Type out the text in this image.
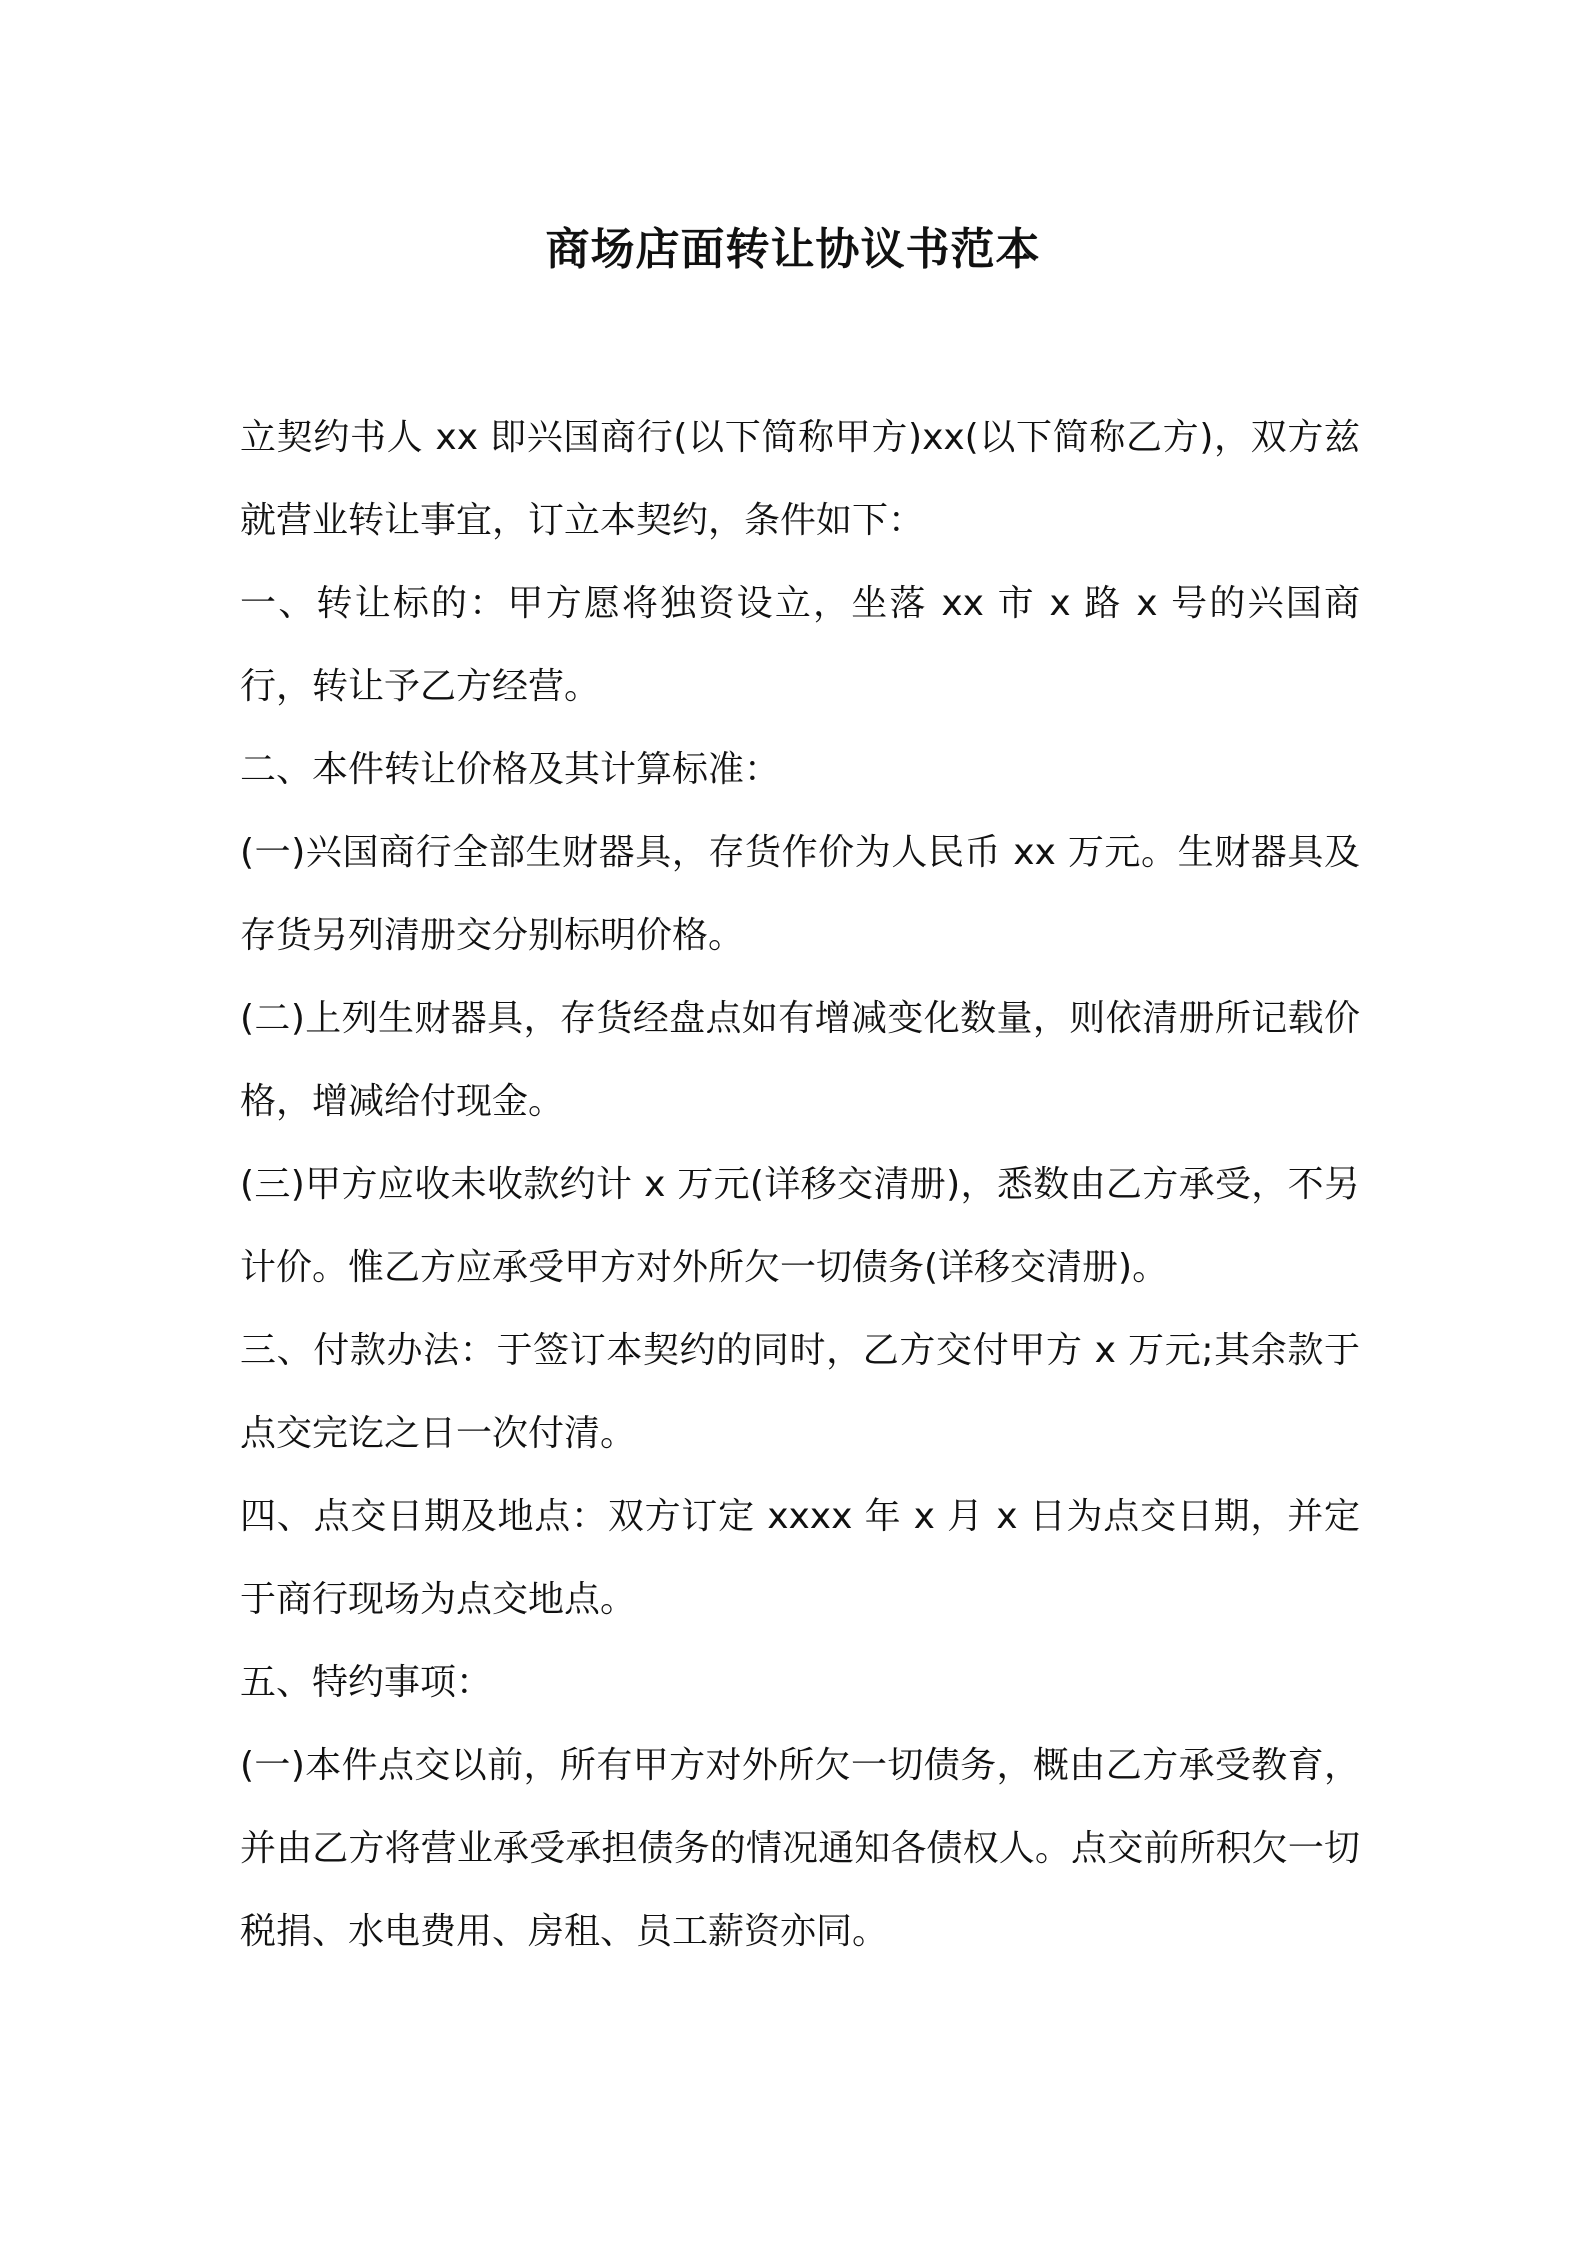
商场店面转让协议书范本

立契约书人 xx 即兴国商行(以下简称甲方)xx(以下简称乙方)，双方兹就营业转让事宜，订立本契约，条件如下：

一、转让标的：甲方愿将独资设立，坐落 xx 市 x 路 x 号的兴国商行，转让予乙方经营。

二、本件转让价格及其计算标准：

(一)兴国商行全部生财器具，存货作价为人民币 xx 万元。生财器具及存货另列清册交分别标明价格。

(二)上列生财器具，存货经盘点如有增减变化数量，则依清册所记载价格，增减给付现金。

(三)甲方应收未收款约计 x 万元(详移交清册)，悉数由乙方承受，不另计价。惟乙方应承受甲方对外所欠一切债务(详移交清册)。

三、付款办法：于签订本契约的同时，乙方交付甲方 x 万元;其余款于点交完讫之日一次付清。

四、点交日期及地点：双方订定 xxxx 年 x 月 x 日为点交日期，并定于商行现场为点交地点。

五、特约事项：

(一)本件点交以前，所有甲方对外所欠一切债务，概由乙方承受教育，并由乙方将营业承受承担债务的情况通知各债权人。点交前所积欠一切税捐、水电费用、房租、员工薪资亦同。
